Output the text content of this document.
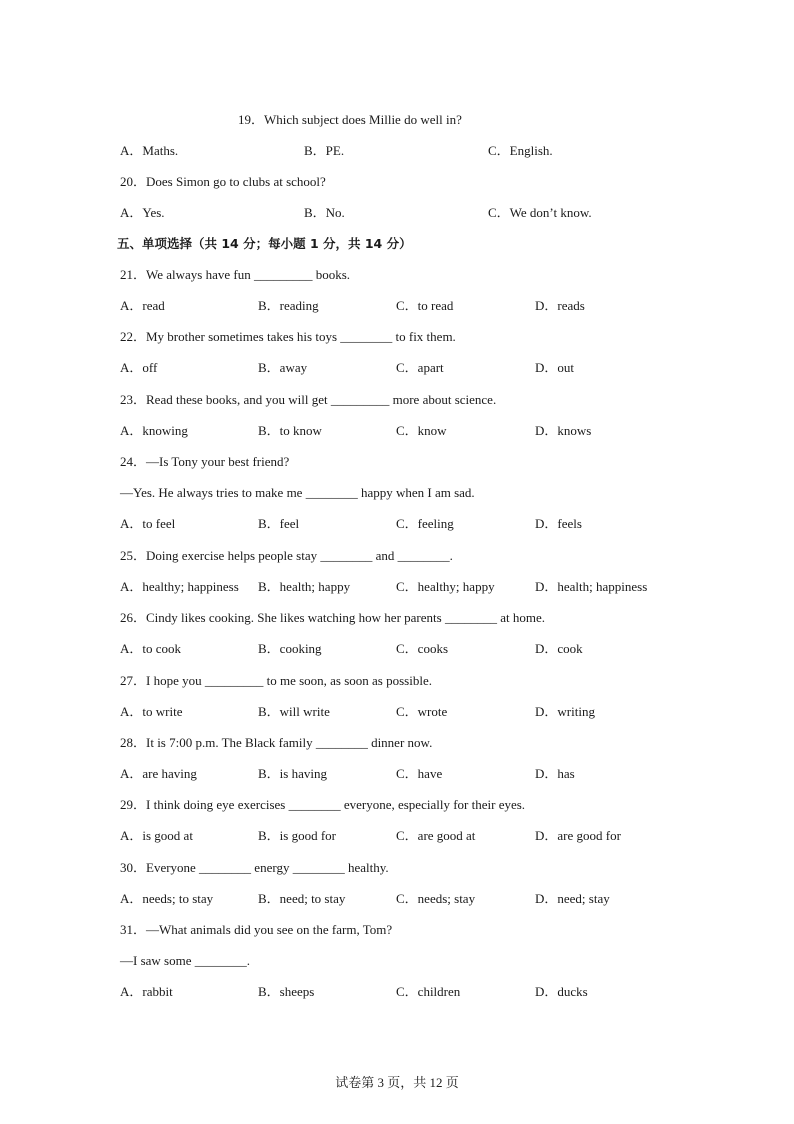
19．Which subject does Millie do well in?
A．Maths.	B．PE.	C．English.
20．Does Simon go to clubs at school?
A．Yes.	B．No.	C．We don’t know.
五、单项选择（共 14 分；每小题 1 分，共 14 分）
21．We always have fun _________ books.
A．read	B．reading	C．to read	D．reads
22．My brother sometimes takes his toys ________ to fix them.
A．off	B．away	C．apart	D．out
23．Read these books, and you will get _________ more about science.
A．knowing	B．to know	C．know	D．knows
24．—Is Tony your best friend?
—Yes. He always tries to make me ________ happy when I am sad.
A．to feel	B．feel	C．feeling	D．feels
25．Doing exercise helps people stay ________ and ________.
A．healthy; happiness B．health; happy	C．healthy; happy	D．health; happiness
26．Cindy likes cooking. She likes watching how her parents ________ at home.
A．to cook	B．cooking	C．cooks	D．cook
27．I hope you _________ to me soon, as soon as possible.
A．to write	B．will write	C．wrote	D．writing
28．It is 7:00 p.m. The Black family ________ dinner now.
A．are having	B．is having	C．have	D．has
29．I think doing eye exercises ________ everyone, especially for their eyes.
A．is good at	B．is good for	C．are good at	D．are good for
30．Everyone ________ energy ________ healthy.
A．needs; to stay	B．need; to stay	C．needs; stay	D．need; stay
31．—What animals did you see on the farm, Tom?
—I saw some ________.
A．rabbit	B．sheeps	C．children	D．ducks
试卷第 3 页，共 12 页
